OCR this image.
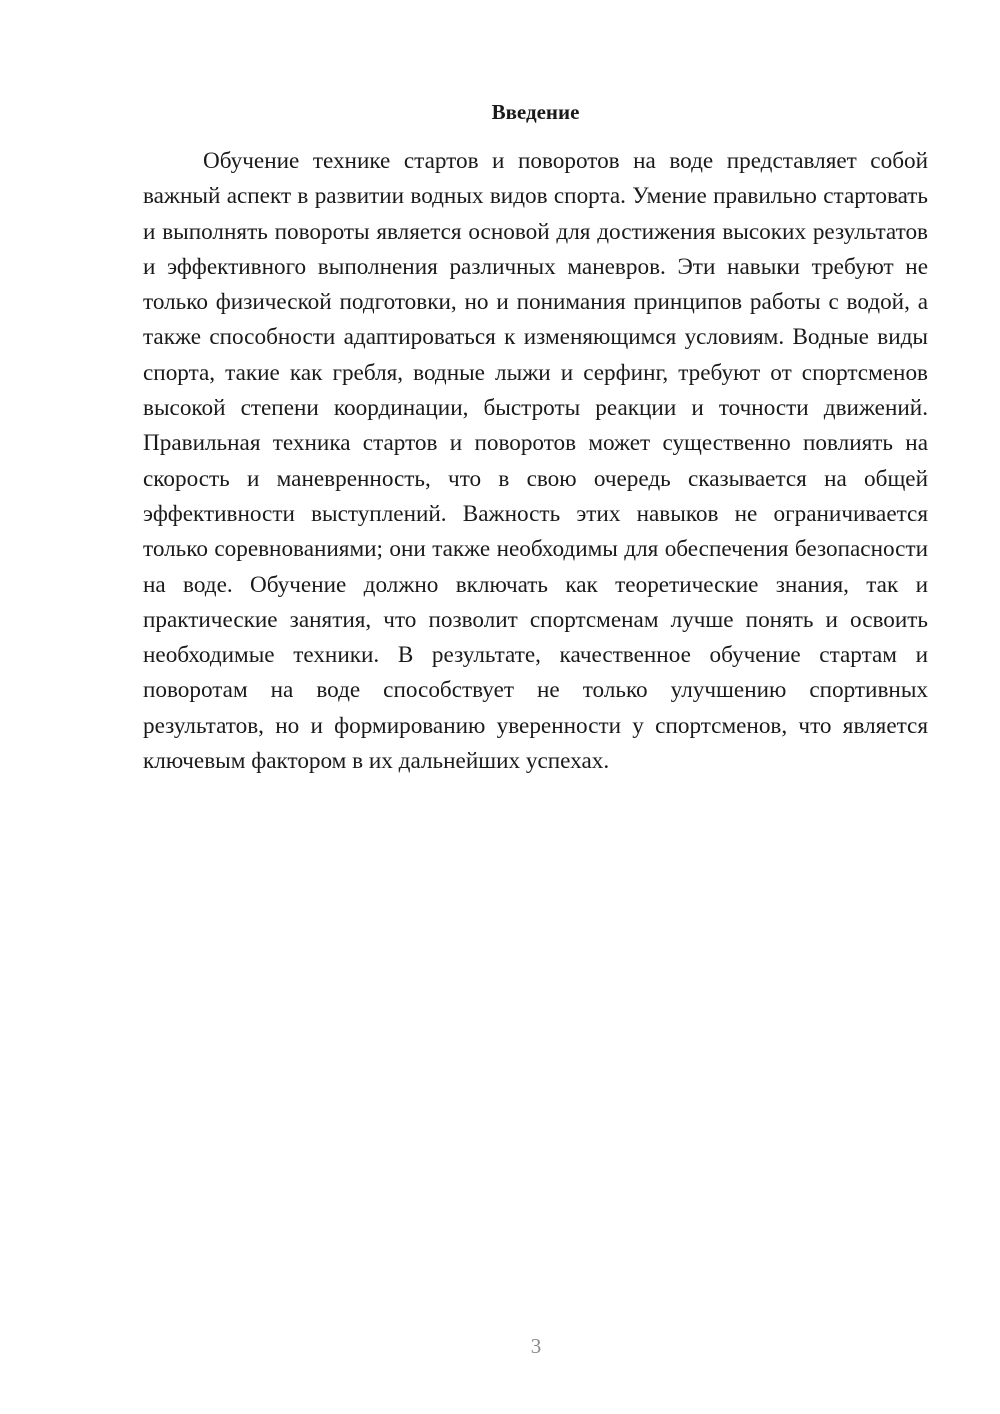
Введение

Обучение технике стартов и поворотов на воде представляет собой важный аспект в развитии водных видов спорта. Умение правильно стартовать и выполнять повороты является основой для достижения высоких результатов и эффективного выполнения различных маневров. Эти навыки требуют не только физической подготовки, но и понимания принципов работы с водой, а также способности адаптироваться к изменяющимся условиям. Водные виды спорта, такие как гребля, водные лыжи и серфинг, требуют от спортсменов высокой степени координации, быстроты реакции и точности движений. Правильная техника стартов и поворотов может существенно повлиять на скорость и маневренность, что в свою очередь сказывается на общей эффективности выступлений. Важность этих навыков не ограничивается только соревнованиями; они также необходимы для обеспечения безопасности на воде. Обучение должно включать как теоретические знания, так и практические занятия, что позволит спортсменам лучше понять и освоить необходимые техники. В результате, качественное обучение стартам и поворотам на воде способствует не только улучшению спортивных результатов, но и формированию уверенности у спортсменов, что является ключевым фактором в их дальнейших успехах.

3
